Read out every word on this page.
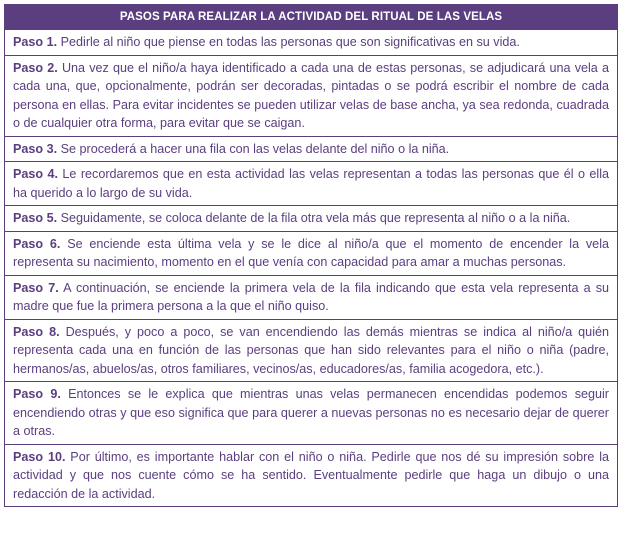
PASOS PARA REALIZAR LA ACTIVIDAD DEL RITUAL DE LAS VELAS
Paso 1. Pedirle al niño que piense en todas las personas que son significativas en su vida.
Paso 2. Una vez que el niño/a haya identificado a cada una de estas personas, se adjudicará una vela a cada una, que, opcionalmente, podrán ser decoradas, pintadas o se podrá escribir el nombre de cada persona en ellas. Para evitar incidentes se pueden utilizar velas de base ancha, ya sea redonda, cuadrada o de cualquier otra forma, para evitar que se caigan.
Paso 3. Se procederá a hacer una fila con las velas delante del niño o la niña.
Paso 4. Le recordaremos que en esta actividad las velas representan a todas las personas que él o ella ha querido a lo largo de su vida.
Paso 5. Seguidamente, se coloca delante de la fila otra vela más que representa al niño o a la niña.
Paso 6. Se enciende esta última vela y se le dice al niño/a que el momento de encender la vela representa su nacimiento, momento en el que venía con capacidad para amar a muchas personas.
Paso 7. A continuación, se enciende la primera vela de la fila indicando que esta vela representa a su madre que fue la primera persona a la que el niño quiso.
Paso 8. Después, y poco a poco, se van encendiendo las demás mientras se indica al niño/a quién representa cada una en función de las personas que han sido relevantes para el niño o niña (padre, hermanos/as, abuelos/as, otros familiares, vecinos/as, educadores/as, familia acogedora, etc.).
Paso 9. Entonces se le explica que mientras unas velas permanecen encendidas podemos seguir encendiendo otras y que eso significa que para querer a nuevas personas no es necesario dejar de querer a otras.
Paso 10. Por último, es importante hablar con el niño o niña. Pedirle que nos dé su impresión sobre la actividad y que nos cuente cómo se ha sentido. Eventualmente pedirle que haga un dibujo o una redacción de la actividad.
